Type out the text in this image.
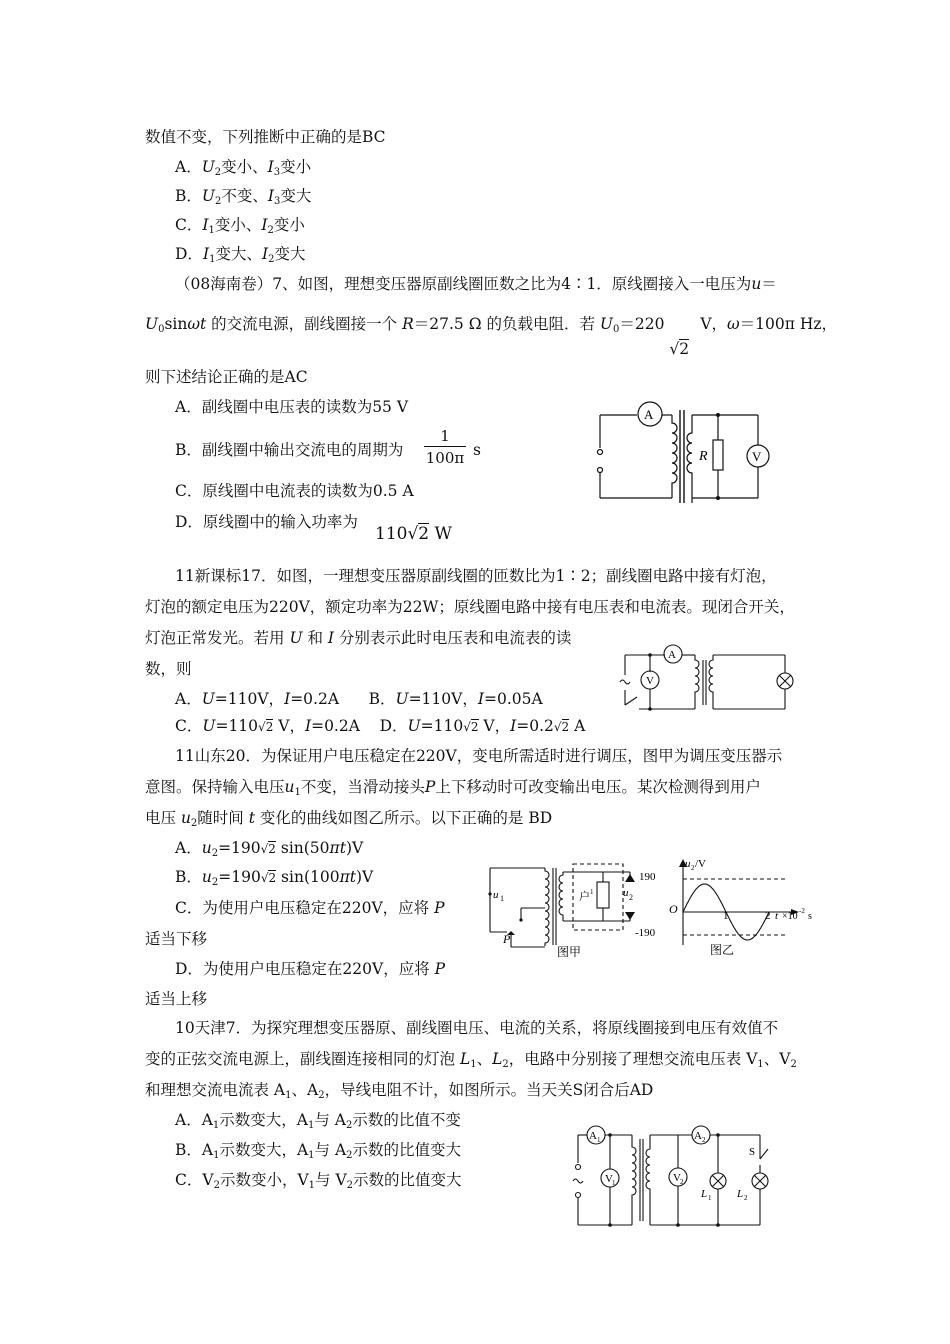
数值不变，下列推断中正确的是BC
A．$U_2$变小、$I_3$变小
B．$U_2$不变、$I_3$变大
C．$I_1$变小、$I_2$变小
D．$I_1$变大、$I_2$变大
（08海南卷）7、如图，理想变压器原副线圈匝数之比为4∶1．原线圈接入一电压为u＝
$U_0\sin\omega t$ 的交流电源，副线圈接一个 R＝27.5 Ω 的负载电阻．若 $U_0=220$
√2
V，ω＝100π Hz，
则下述结论正确的是AC
A．副线圈中电压表的读数为55 V
B．副线圈中输出交流电的周期为 $\frac{1}{100\pi}$ s
C．原线圈中电流表的读数为0.5 A
D．原线圈中的输入功率为
110√2 W
A
V
R
11新课标17．如图，一理想变压器原副线圈的匝数比为1∶2；副线圈电路中接有灯泡，
灯泡的额定电压为220V，额定功率为22W；原线圈电路中接有电压表和电流表。现闭合开关，
灯泡正常发光。若用 U 和 I 分别表示此时电压表和电流表的读
数，则
A．U=110V，I=0.2A      B．U=110V，I=0.05A
C．U=110√2 V，I=0.2A    D．U=110√2 V，I=0.2√2 A
A
V
11山东20．为保证用户电压稳定在220V，变电所需适时进行调压，图甲为调压变压器示
意图。保持输入电压$u_1$不变，当滑动接头P上下移动时可改变输出电压。某次检测得到用户
电压 $u_2$随时间 t 变化的曲线如图乙所示。以下正确的是 BD
A．$u_2=190√2$ sin(50πt)V
B．$u_2=190√2$ sin(100πt)V
C．为使用户电压稳定在220V，应将 P
适当下移
D．为使用户电压稳定在220V，应将 P
适当上移
u 1
P
户 1	u 2
190
-190
图甲
u 2 /V
O	1	2 t ×10 -2 s
图乙
10天津7．为探究理想变压器原、副线圈电压、电流的关系，将原线圈接到电压有效值不
变的正弦交流电源上，副线圈连接相同的灯泡 $L_1$、$L_2$，电路中分别接了理想交流电压表 $V_1$、$V_2$
和理想交流电流表 $A_1$、$A_2$，导线电阻不计，如图所示。当天关S闭合后AD
A．$A_1$示数变大，$A_1$与 $A_2$示数的比值不变
B．$A_1$示数变大，$A_1$与 $A_2$示数的比值变大
C．$V_2$示数变小，$V_1$与 $V_2$示数的比值变大
A 1	A 2
V 1	V 2
S
L 1 L 2
